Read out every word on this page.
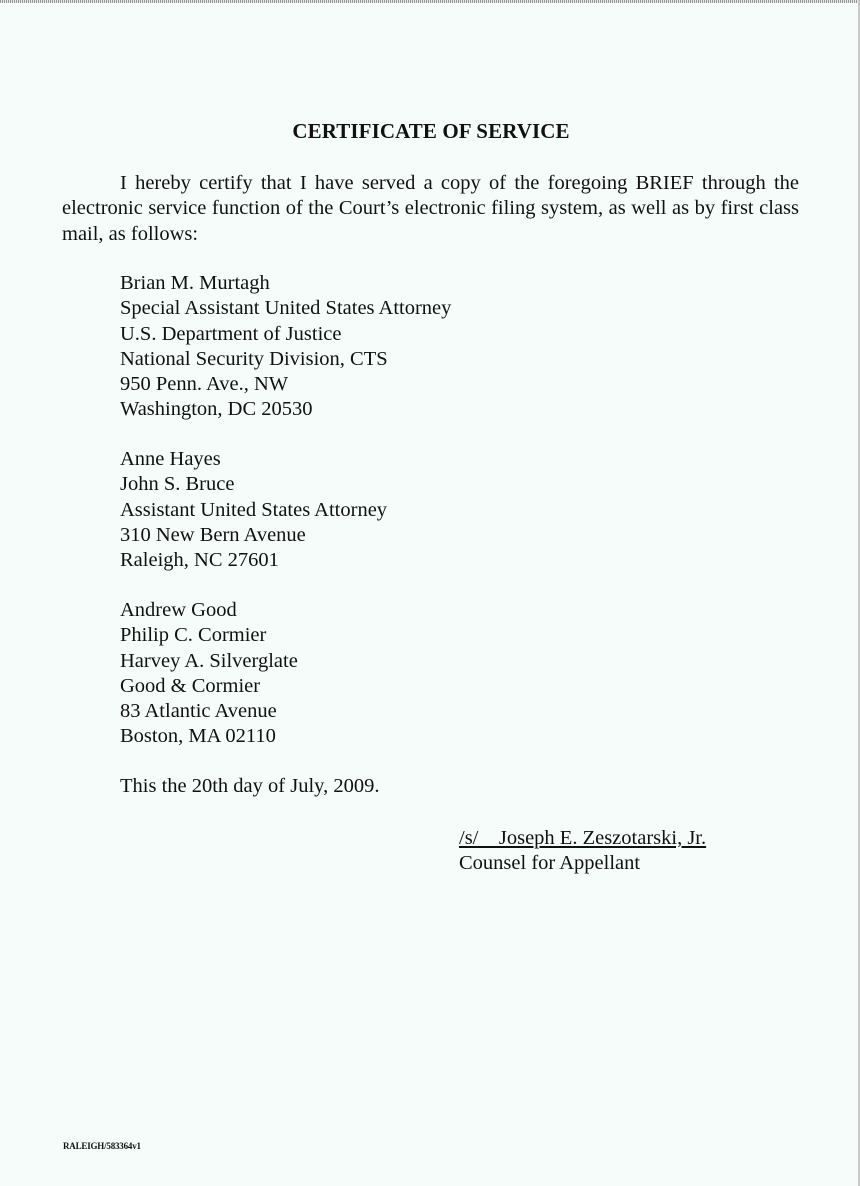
CERTIFICATE OF SERVICE
I hereby certify that I have served a copy of the foregoing BRIEF through the electronic service function of the Court’s electronic filing system, as well as by first class mail, as follows:
Brian M. Murtagh
Special Assistant United States Attorney
U.S. Department of Justice
National Security Division, CTS
950 Penn. Ave., NW
Washington, DC 20530
Anne Hayes
John S. Bruce
Assistant United States Attorney
310 New Bern Avenue
Raleigh, NC 27601
Andrew Good
Philip C. Cormier
Harvey A. Silverglate
Good & Cormier
83 Atlantic Avenue
Boston, MA 02110
This the 20th day of July, 2009.
/s/    Joseph E. Zeszotarski, Jr.
Counsel for Appellant
RALEIGH/583364v1
